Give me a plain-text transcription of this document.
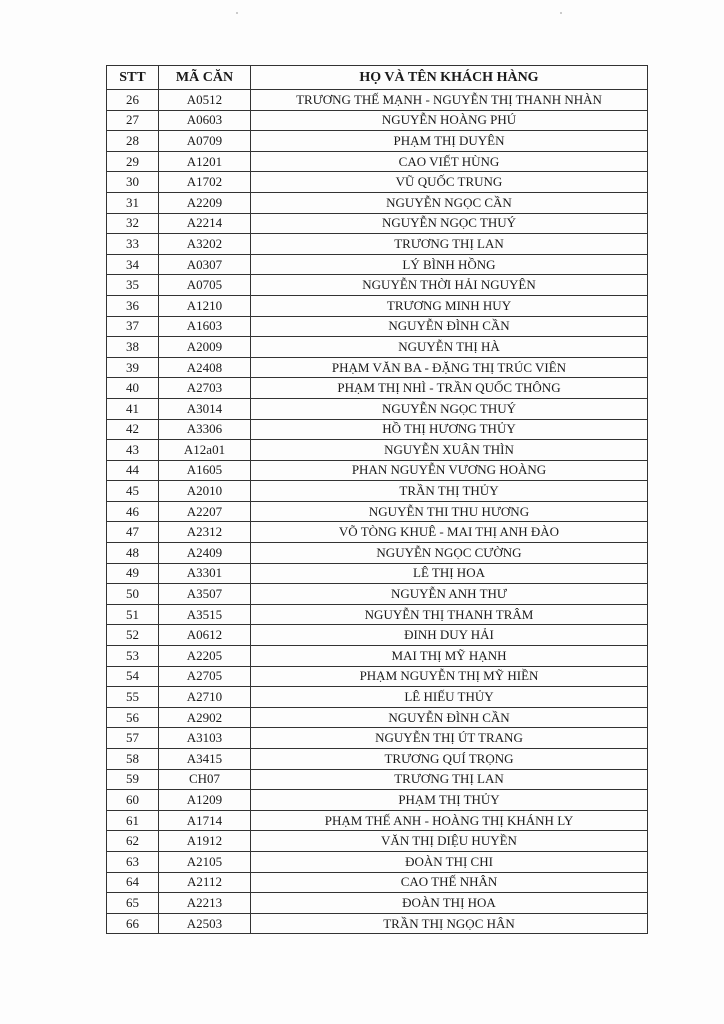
STT	MÃ CĂN	HỌ VÀ TÊN KHÁCH HÀNG
26	A0512	TRƯƠNG THẾ MẠNH - NGUYỄN THỊ THANH NHÀN
27	A0603	NGUYỄN HOÀNG PHÚ
28	A0709	PHẠM THỊ DUYÊN
29	A1201	CAO VIẾT HÙNG
30	A1702	VŨ QUỐC TRUNG
31	A2209	NGUYỄN NGỌC CẦN
32	A2214	NGUYỄN NGỌC THUÝ
33	A3202	TRƯƠNG THỊ LAN
34	A0307	LÝ BÌNH HỒNG
35	A0705	NGUYỄN THỜI HẢI NGUYÊN
36	A1210	TRƯƠNG MINH HUY
37	A1603	NGUYỄN ĐÌNH CẦN
38	A2009	NGUYỄN THỊ HÀ
39	A2408	PHẠM VĂN BA - ĐẶNG THỊ TRÚC VIÊN
40	A2703	PHẠM THỊ NHÌ - TRẦN QUỐC THÔNG
41	A3014	NGUYỄN NGỌC THUÝ
42	A3306	HỒ THỊ HƯƠNG THỦY
43	A12a01	NGUYỄN XUÂN THÌN
44	A1605	PHAN NGUYỄN VƯƠNG HOÀNG
45	A2010	TRẦN THỊ THỦY
46	A2207	NGUYỄN THI THU HƯƠNG
47	A2312	VÕ TÒNG KHUÊ - MAI THỊ ANH ĐÀO
48	A2409	NGUYỄN NGỌC CƯỜNG
49	A3301	LÊ THỊ HOA
50	A3507	NGUYỄN ANH THƯ
51	A3515	NGUYỄN THỊ THANH TRÂM
52	A0612	ĐINH DUY HẢI
53	A2205	MAI THỊ MỸ HẠNH
54	A2705	PHẠM NGUYỄN THỊ MỸ HIỀN
55	A2710	LÊ HIẾU THỦY
56	A2902	NGUYỄN ĐÌNH CẦN
57	A3103	NGUYỄN THỊ ÚT TRANG
58	A3415	TRƯƠNG QUÍ TRỌNG
59	CH07	TRƯƠNG THỊ LAN
60	A1209	PHẠM THỊ THỦY
61	A1714	PHẠM THẾ ANH - HOÀNG THỊ KHÁNH LY
62	A1912	VĂN THỊ DIỆU HUYỀN
63	A2105	ĐOÀN THỊ CHI
64	A2112	CAO THẾ NHÂN
65	A2213	ĐOÀN THỊ HOA
66	A2503	TRẦN THỊ NGỌC HÂN
